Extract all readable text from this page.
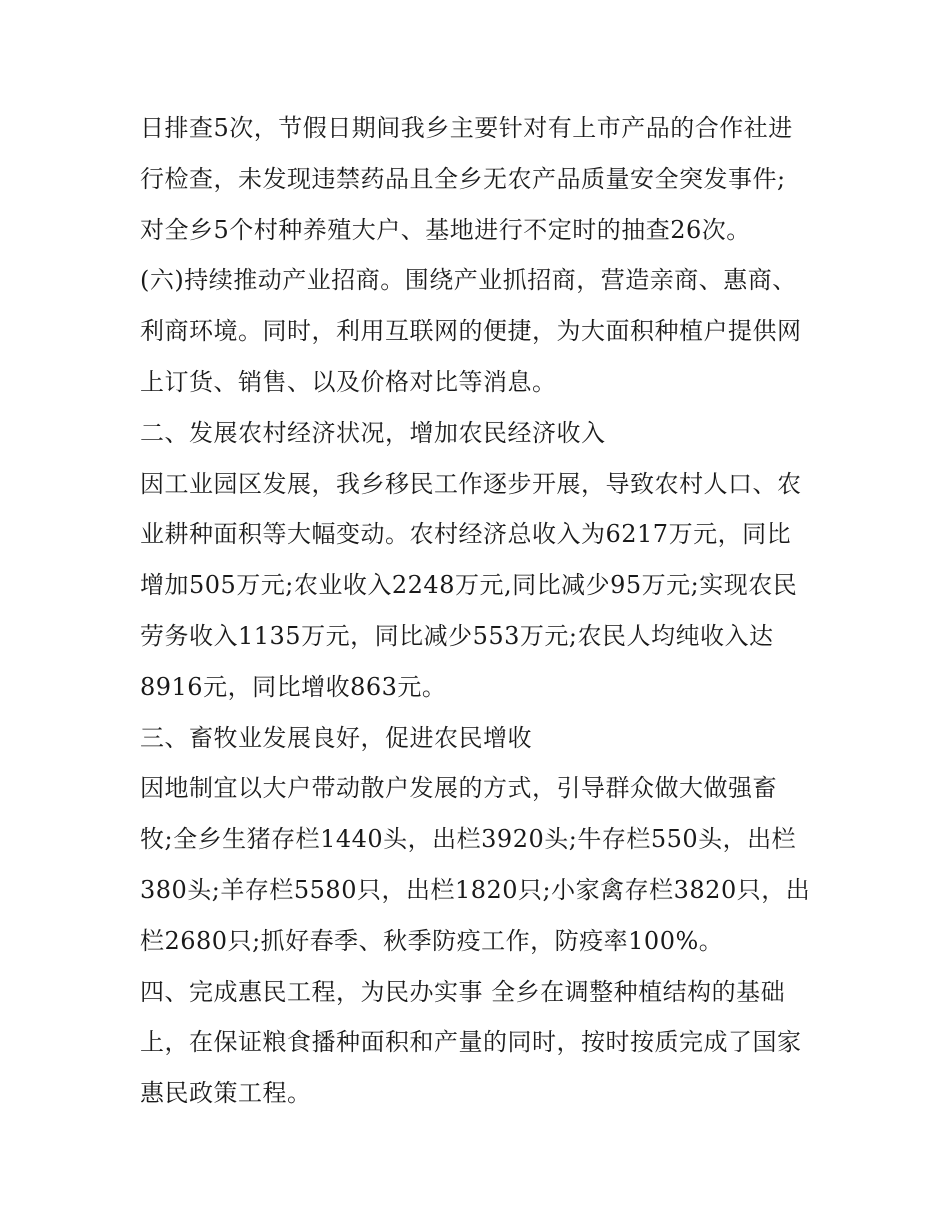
日排查5次，节假日期间我乡主要针对有上市产品的合作社进
行检查，未发现违禁药品且全乡无农产品质量安全突发事件;
对全乡5个村种养殖大户、基地进行不定时的抽查26次。
(六)持续推动产业招商。围绕产业抓招商，营造亲商、惠商、
利商环境。同时，利用互联网的便捷，为大面积种植户提供网
上订货、销售、以及价格对比等消息。
二、发展农村经济状况，增加农民经济收入
因工业园区发展，我乡移民工作逐步开展，导致农村人口、农
业耕种面积等大幅变动。农村经济总收入为6217万元，同比
增加505万元;农业收入2248万元,同比减少95万元;实现农民
劳务收入1135万元，同比减少553万元;农民人均纯收入达
8916元，同比增收863元。
三、畜牧业发展良好，促进农民增收
因地制宜以大户带动散户发展的方式，引导群众做大做强畜
牧;全乡生猪存栏1440头，出栏3920头;牛存栏550头，出栏
380头;羊存栏5580只，出栏1820只;小家禽存栏3820只，出
栏2680只;抓好春季、秋季防疫工作，防疫率100%。
四、完成惠民工程，为民办实事 全乡在调整种植结构的基础
上，在保证粮食播种面积和产量的同时，按时按质完成了国家
惠民政策工程。
